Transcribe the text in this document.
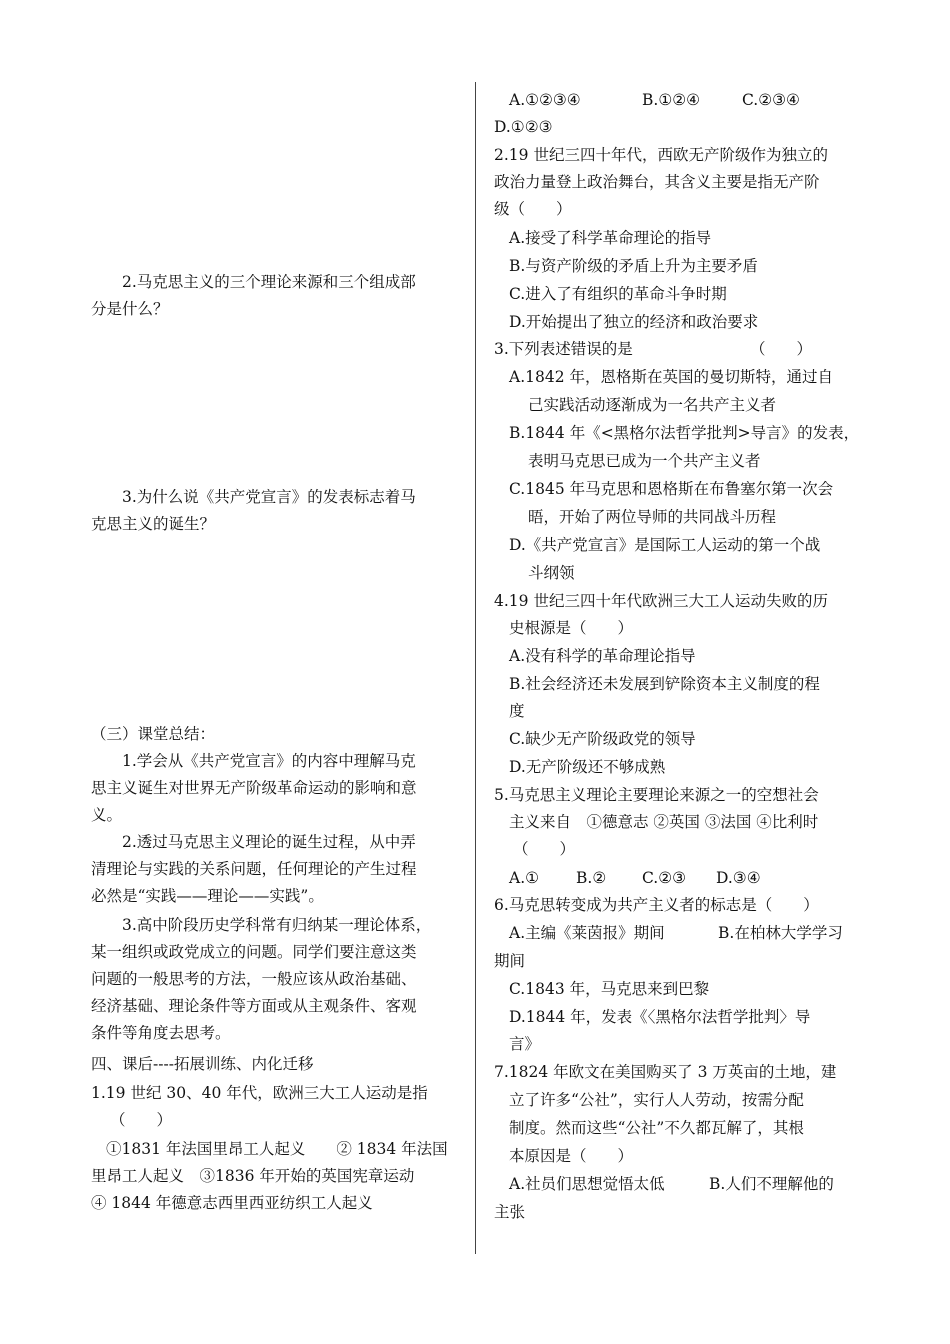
2.马克思主义的三个理论来源和三个组成部
分是什么？
3.为什么说《共产党宣言》的发表标志着马
克思主义的诞生？
（三）课堂总结：
1.学会从《共产党宣言》的内容中理解马克
思主义诞生对世界无产阶级革命运动的影响和意
义。
2.透过马克思主义理论的诞生过程，从中弄
清理论与实践的关系问题，任何理论的产生过程
必然是“实践——理论——实践”。
3.高中阶段历史学科常有归纳某一理论体系，
某一组织或政党成立的问题。同学们要注意这类
问题的一般思考的方法，一般应该从政治基础、
经济基础、理论条件等方面或从主观条件、客观
条件等角度去思考。
四、课后----拓展训练、内化迁移
1.19 世纪 30、40 年代，欧洲三大工人运动是指
（　　）
①1831 年法国里昂工人起义　　② 1834 年法国
里昂工人起义　③1836 年开始的英国宪章运动
④ 1844 年德意志西里西亚纺织工人起义
A.①②③④	B.①②④	C.②③④
D.①②③
2.19 世纪三四十年代，西欧无产阶级作为独立的
政治力量登上政治舞台，其含义主要是指无产阶
级（　　）
A.接受了科学革命理论的指导
B.与资产阶级的矛盾上升为主要矛盾
C.进入了有组织的革命斗争时期
D.开始提出了独立的经济和政治要求
3.下列表述错误的是	（　　）
A.1842 年，恩格斯在英国的曼切斯特，通过自
己实践活动逐渐成为一名共产主义者
B.1844 年《<黑格尔法哲学批判>导言》的发表，
表明马克思已成为一个共产主义者
C.1845 年马克思和恩格斯在布鲁塞尔第一次会
晤，开始了两位导师的共同战斗历程
D.《共产党宣言》是国际工人运动的第一个战
斗纲领
4.19 世纪三四十年代欧洲三大工人运动失败的历
史根源是（　　）
A.没有科学的革命理论指导
B.社会经济还未发展到铲除资本主义制度的程
度
C.缺少无产阶级政党的领导
D.无产阶级还不够成熟
5.马克思主义理论主要理论来源之一的空想社会
主义来自　①德意志 ②英国 ③法国 ④比利时
（　　）
A.① B.② C.②③ D.③④
6.马克思转变成为共产主义者的标志是（　　）
A.主编《莱茵报》期间	B.在柏林大学学习
期间
C.1843 年，马克思来到巴黎
D.1844 年，发表《〈黑格尔法哲学批判〉导
言》
7.1824 年欧文在美国购买了 3 万英亩的土地，建
立了许多“公社”，实行人人劳动，按需分配
制度。然而这些“公社”不久都瓦解了，其根
本原因是（　　）
A.社员们思想觉悟太低	B.人们不理解他的
主张
